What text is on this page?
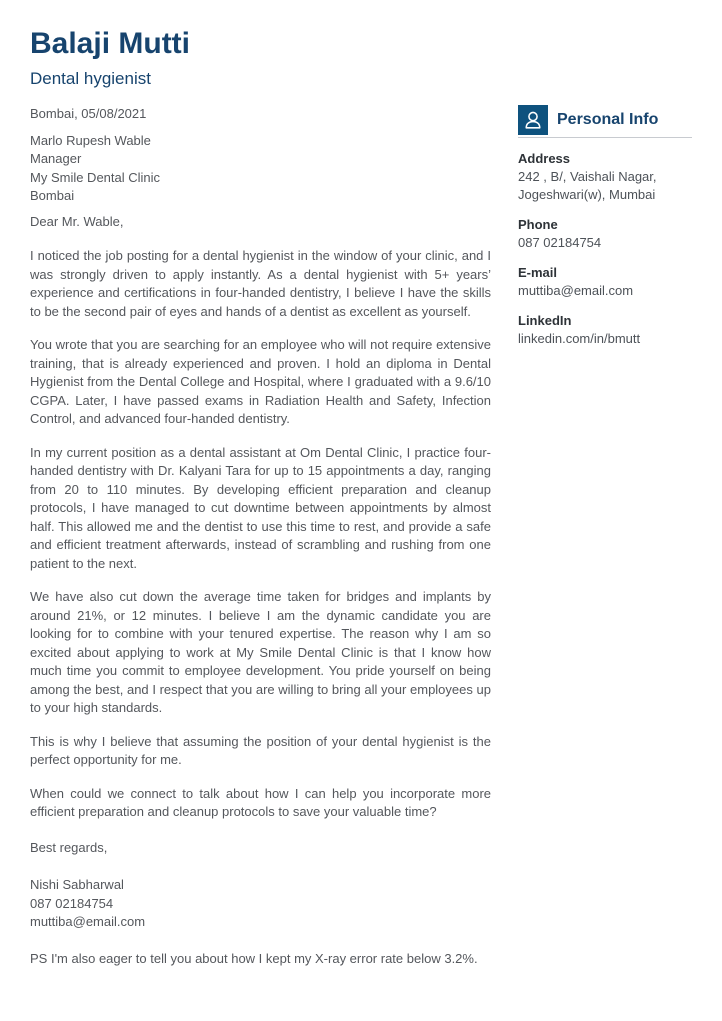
Balaji Mutti
Dental hygienist
Bombai, 05/08/2021
Marlo Rupesh Wable
Manager
My Smile Dental Clinic
Bombai
Dear Mr. Wable,

I noticed the job posting for a dental hygienist in the window of your clinic, and I was strongly driven to apply instantly. As a dental hygienist with 5+ years’ experience and certifications in four-handed dentistry, I believe I have the skills to be the second pair of eyes and hands of a dentist as excellent as yourself.

You wrote that you are searching for an employee who will not require extensive training, that is already experienced and proven. I hold an diploma in Dental Hygienist from the Dental College and Hospital, where I graduated with a 9.6/10 CGPA. Later, I have passed exams in Radiation Health and Safety, Infection Control, and advanced four-handed dentistry.

In my current position as a dental assistant at Om Dental Clinic, I practice four-handed dentistry with Dr. Kalyani Tara for up to 15 appointments a day, ranging from 20 to 110 minutes. By developing efficient preparation and cleanup protocols, I have managed to cut downtime between appointments by almost half. This allowed me and the dentist to use this time to rest, and provide a safe and efficient treatment afterwards, instead of scrambling and rushing from one patient to the next.

We have also cut down the average time taken for bridges and implants by around 21%, or 12 minutes. I believe I am the dynamic candidate you are looking for to combine with your tenured expertise. The reason why I am so excited about applying to work at My Smile Dental Clinic is that I know how much time you commit to employee development. You pride yourself on being among the best, and I respect that you are willing to bring all your employees up to your high standards.

This is why I believe that assuming the position of your dental hygienist is the perfect opportunity for me.

When could we connect to talk about how I can help you incorporate more efficient preparation and cleanup protocols to save your valuable time?

Best regards,
Nishi Sabharwal
087 02184754
muttiba@email.com
PS I'm also eager to tell you about how I kept my X-ray error rate below 3.2%.
Personal Info
Address
242 , B/, Vaishali Nagar,
Jogeshwari(w), Mumbai
Phone
087 02184754
E-mail
muttiba@email.com
LinkedIn
linkedin.com/in/bmutt
